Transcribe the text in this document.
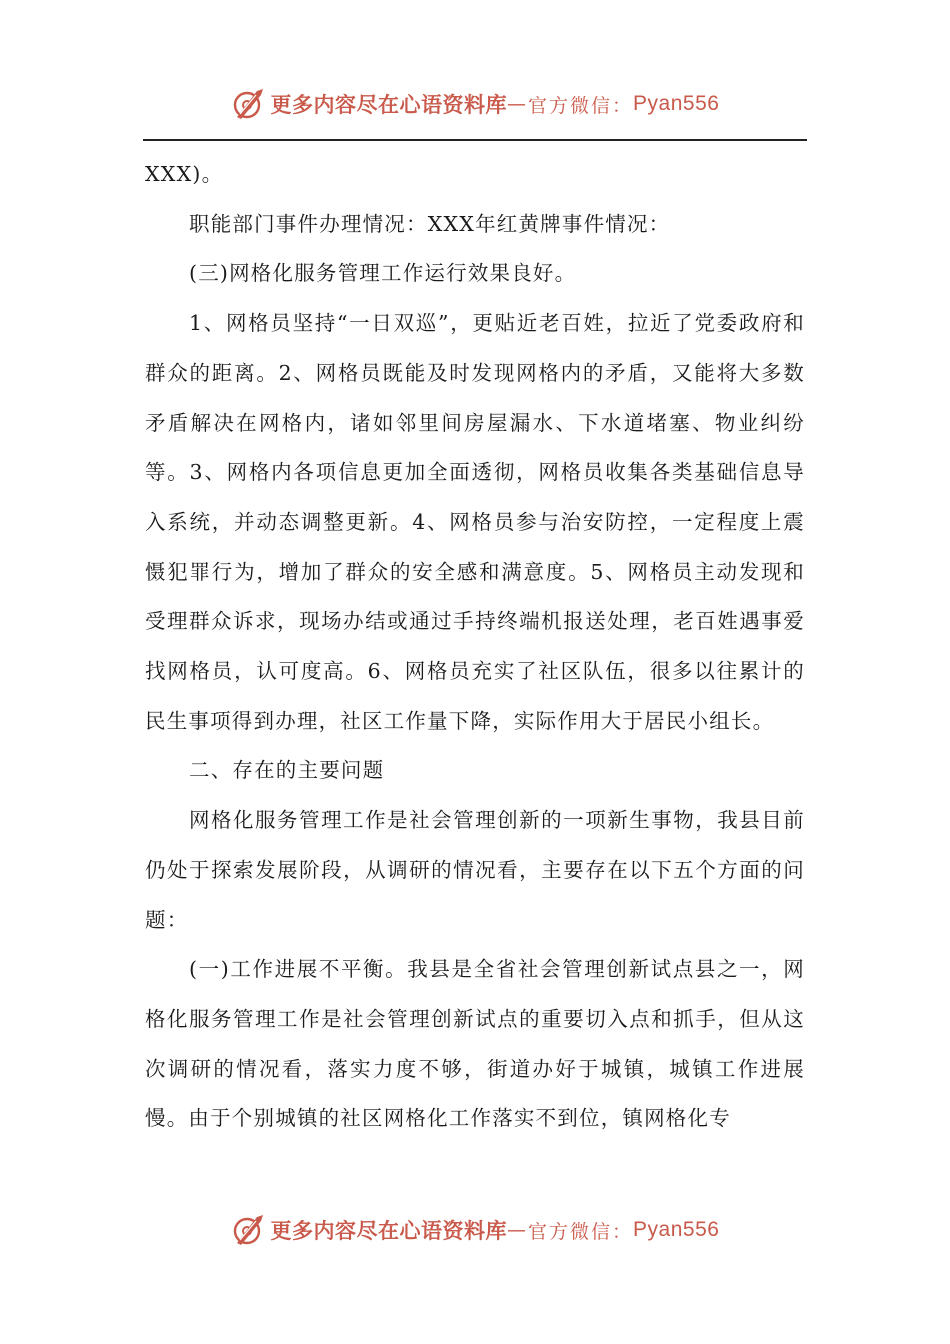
更多内容尽在心语资料库 — 官方微信： Pyan556

XXX)。

职能部门事件办理情况：XXX年红黄牌事件情况：

(三)网格化服务管理工作运行效果良好。

1、网格员坚持“一日双巡”，更贴近老百姓，拉近了党委政府和群众的距离。2、网格员既能及时发现网格内的矛盾，又能将大多数矛盾解决在网格内，诸如邻里间房屋漏水、下水道堵塞、物业纠纷等。3、网格内各项信息更加全面透彻，网格员收集各类基础信息导入系统，并动态调整更新。4、网格员参与治安防控，一定程度上震慑犯罪行为，增加了群众的安全感和满意度。5、网格员主动发现和受理群众诉求，现场办结或通过手持终端机报送处理，老百姓遇事爱找网格员，认可度高。6、网格员充实了社区队伍，很多以往累计的民生事项得到办理，社区工作量下降，实际作用大于居民小组长。

二、存在的主要问题

网格化服务管理工作是社会管理创新的一项新生事物，我县目前仍处于探索发展阶段，从调研的情况看，主要存在以下五个方面的问题：

(一)工作进展不平衡。我县是全省社会管理创新试点县之一，网格化服务管理工作是社会管理创新试点的重要切入点和抓手，但从这次调研的情况看，落实力度不够，街道办好于城镇，城镇工作进展慢。由于个别城镇的社区网格化工作落实不到位，镇网格化专

更多内容尽在心语资料库 — 官方微信： Pyan556
